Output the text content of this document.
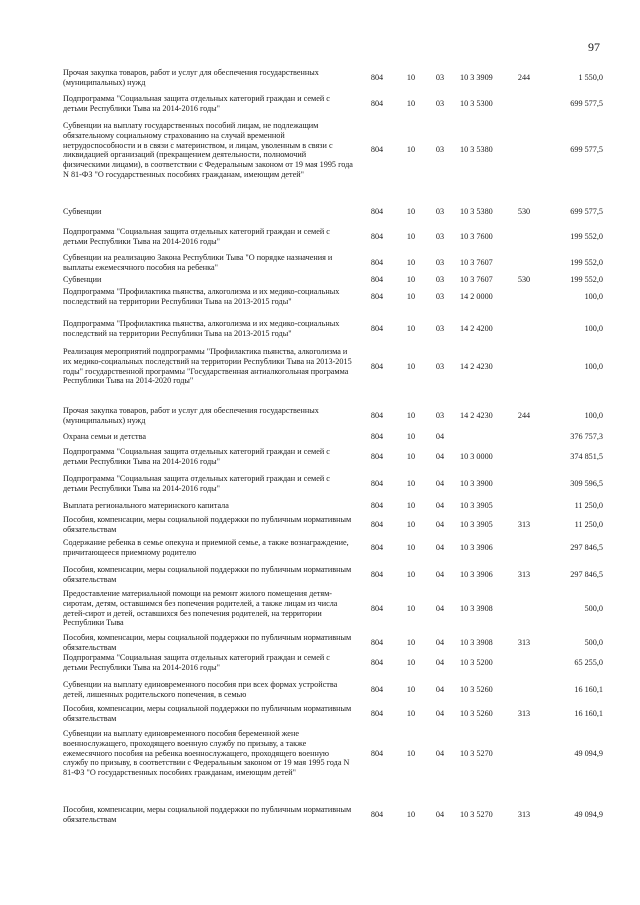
97
Прочая закупка товаров, работ и услуг для обеспечения государственных (муниципальных) нужд
804	10	03	10 3 3909	244	1 550,0
Подпрограмма "Социальная защита отдельных категорий граждан и семей с детьми Республики Тыва на 2014-2016 годы"
804	10	03	10 3 5300	699 577,5
Субвенции на выплату государственных пособий лицам, не подлежащим обязательному социальному страхованию на случай временной нетрудоспособности и в связи с материнством, и лицам, уволенным в связи с ликвидацией организаций (прекращением деятельности, полномочий физическими лицами), в соответствии с Федеральным законом от 19 мая 1995 года N 81-ФЗ "О государственных пособиях гражданам, имеющим детей"
804	10	03	10 3 5380	699 577,5
Субвенции	804	10	03	10 3 5380	530	699 577,5
Подпрограмма "Социальная защита отдельных категорий граждан и семей с детьми Республики Тыва на 2014-2016 годы"
804	10	03	10 3 7600	199 552,0
Субвенции на реализацию Закона Республики Тыва "О порядке назначения и выплаты ежемесячного пособия на ребенка"
804	10	03	10 3 7607	199 552,0
Субвенции	804	10	03	10 3 7607	530	199 552,0
Подпрограмма "Профилактика пьянства, алкоголизма и их медико-социальных последствий на территории Республики Тыва на 2013-2015 годы"
804	10	03	14 2 0000	100,0
Подпрограмма "Профилактика пьянства, алкоголизма и их медико-социальных последствий на территории Республики Тыва на 2013-2015 годы"
804	10	03	14 2 4200	100,0
Реализация мероприятий подпрограммы "Профилактика пьянства, алкоголизма и их медико-социальных последствий на территории Республики Тыва на 2013-2015 годы" государственной программы "Государственная антиалкогольная программа Республики Тыва на 2014-2020 годы"
804	10	03	14 2 4230	100,0
Прочая закупка товаров, работ и услуг для обеспечения государственных (муниципальных) нужд
804	10	03	14 2 4230	244	100,0
Охрана семьи и детства	804	10	04	376 757,3
Подпрограмма "Социальная защита отдельных категорий граждан и семей с детьми Республики Тыва на 2014-2016 годы"
804	10	04	10 3 0000	374 851,5
Подпрограмма "Социальная защита отдельных категорий граждан и семей с детьми Республики Тыва на 2014-2016 годы"
804	10	04	10 3 3900	309 596,5
Выплата регионального материнского капитала	804	10	04	10 3 3905	11 250,0
Пособия, компенсации, меры социальной поддержки по публичным нормативным обязательствам
804	10	04	10 3 3905	313	11 250,0
Содержание ребенка в семье опекуна и приемной семье, а также вознаграждение, причитающееся приемному родителю
804	10	04	10 3 3906	297 846,5
Пособия, компенсации, меры социальной поддержки по публичным нормативным обязательствам
804	10	04	10 3 3906	313	297 846,5
Предоставление материальной помощи на ремонт жилого помещения детям-сиротам, детям, оставшимся без попечения родителей, а также лицам из числа детей-сирот и детей, оставшихся без попечения родителей, на территории Республики Тыва
804	10	04	10 3 3908	500,0
Пособия, компенсации, меры социальной поддержки по публичным нормативным обязательствам
804	10	04	10 3 3908	313	500,0
Подпрограмма "Социальная защита отдельных категорий граждан и семей с детьми Республики Тыва на 2014-2016 годы"
804	10	04	10 3 5200	65 255,0
Субвенции на выплату единовременного пособия при всех формах устройства детей, лишенных родительского попечения, в семью
804	10	04	10 3 5260	16 160,1
Пособия, компенсации, меры социальной поддержки по публичным нормативным обязательствам
804	10	04	10 3 5260	313	16 160,1
Субвенции на выплату единовременного пособия беременной жене военнослужащего, проходящего военную службу по призыву, а также ежемесячного пособия на ребенка военнослужащего, проходящего военную службу по призыву, в соответствии с Федеральным законом от 19 мая 1995 года N 81-ФЗ "О государственных пособиях гражданам, имеющим детей"
804	10	04	10 3 5270	49 094,9
Пособия, компенсации, меры социальной поддержки по публичным нормативным обязательствам
804	10	04	10 3 5270	313	49 094,9
